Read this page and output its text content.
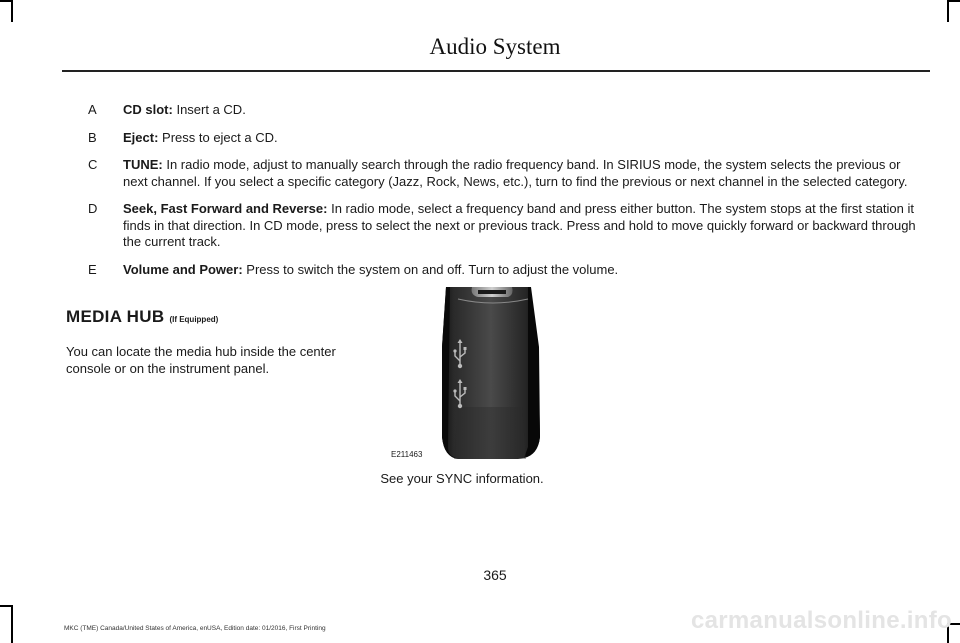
Audio System
A	CD slot: Insert a CD.
B	Eject: Press to eject a CD.
C	TUNE: In radio mode, adjust to manually search through the radio frequency band. In SIRIUS mode, the system selects the previous or next channel. If you select a specific category (Jazz, Rock, News, etc.), turn to find the previous or next channel in the selected category.
D	Seek, Fast Forward and Reverse: In radio mode, select a frequency band and press either button. The system stops at the first station it finds in that direction. In CD mode, press to select the next or previous track. Press and hold to move quickly forward or backward through the current track.
E	Volume and Power: Press to switch the system on and off. Turn to adjust the volume.
MEDIA HUB (If Equipped)
You can locate the media hub inside the center console or on the instrument panel.
E211463
See your SYNC information.
365
MKC (TME) Canada/United States of America, enUSA, Edition date: 01/2016, First Printing	carmanualsonline.info
